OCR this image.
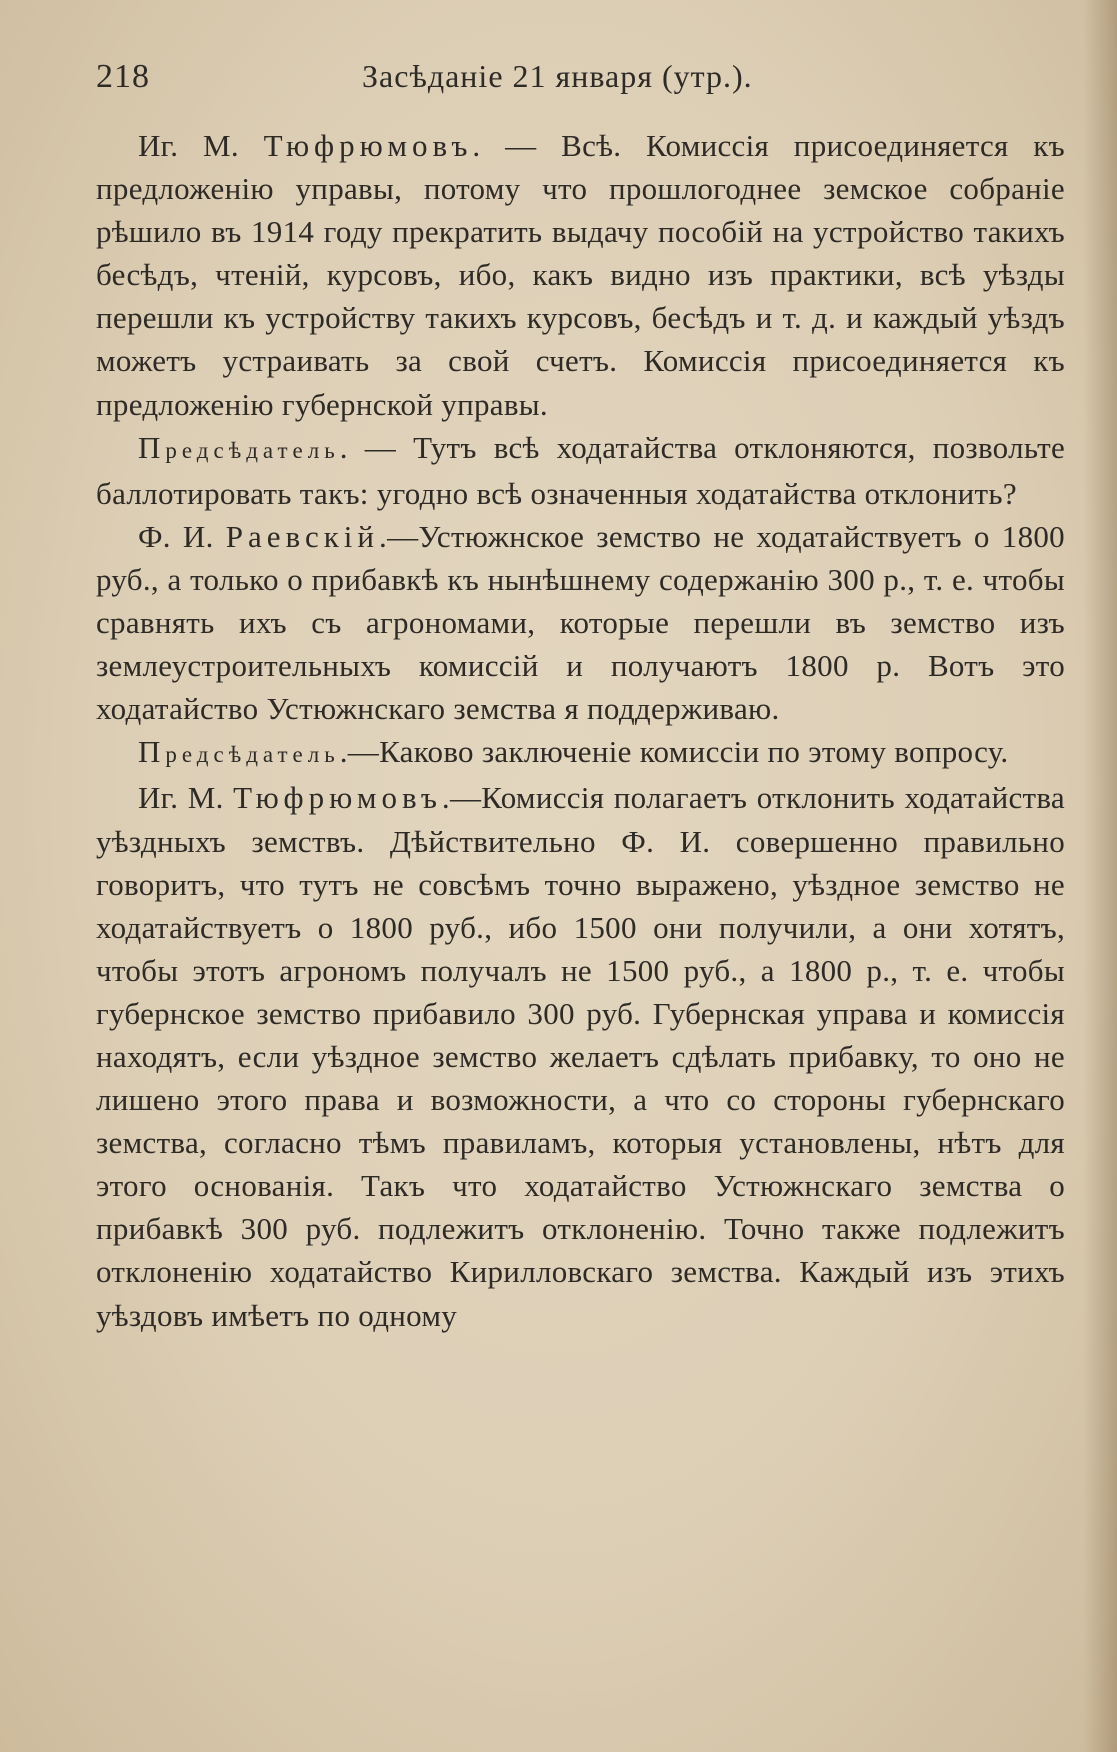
218	Засѣданіе 21 января (утр.).

Иг. М. Тюфрюмовъ. — Всѣ. Комиссія присоединяется къ предложенію управы, потому что прошлогоднее земское собраніе рѣшило въ 1914 году прекратить выдачу пособій на устройство такихъ бесѣдъ, чтеній, курсовъ, ибо, какъ видно изъ практики, всѣ уѣзды перешли къ устройству такихъ курсовъ, бесѣдъ и т. д. и каждый уѣздъ можетъ устраивать за свой счетъ. Комиссія присоединяется къ предложенію губернской управы.

Предсѣдатель. — Тутъ всѣ ходатайства отклоняются, позвольте баллотировать такъ: угодно всѣ означенныя ходатайства отклонить?

Ф. И. Раевскій.—Устюжнское земство не ходатайствуетъ о 1800 руб., а только о прибавкѣ къ нынѣшнему содержанію 300 р., т. е. чтобы сравнять ихъ съ агрономами, которые перешли въ земство изъ землеустроительныхъ комиссій и получаютъ 1800 р. Вотъ это ходатайство Устюжнскаго земства я поддерживаю.

Предсѣдатель.—Каково заключеніе комиссіи по этому вопросу.

Иг. М. Тюфрюмовъ.—Комиссія полагаетъ отклонить ходатайства уѣздныхъ земствъ. Дѣйствительно Ф. И. совершенно правильно говоритъ, что тутъ не совсѣмъ точно выражено, уѣздное земство не ходатайствуетъ о 1800 руб., ибо 1500 они получили, а они хотятъ, чтобы этотъ агрономъ получалъ не 1500 руб., а 1800 р., т. е. чтобы губернское земство прибавило 300 руб. Губернская управа и комиссія находятъ, если уѣздное земство желаетъ сдѣлать прибавку, то оно не лишено этого права и возможности, а что со стороны губернскаго земства, согласно тѣмъ правиламъ, которыя установлены, нѣтъ для этого основанія. Такъ что ходатайство Устюжнскаго земства о прибавкѣ 300 руб. подлежитъ отклоненію. Точно также подлежитъ отклоненію ходатайство Кирилловскаго земства. Каждый изъ этихъ уѣздовъ имѣетъ по одному
